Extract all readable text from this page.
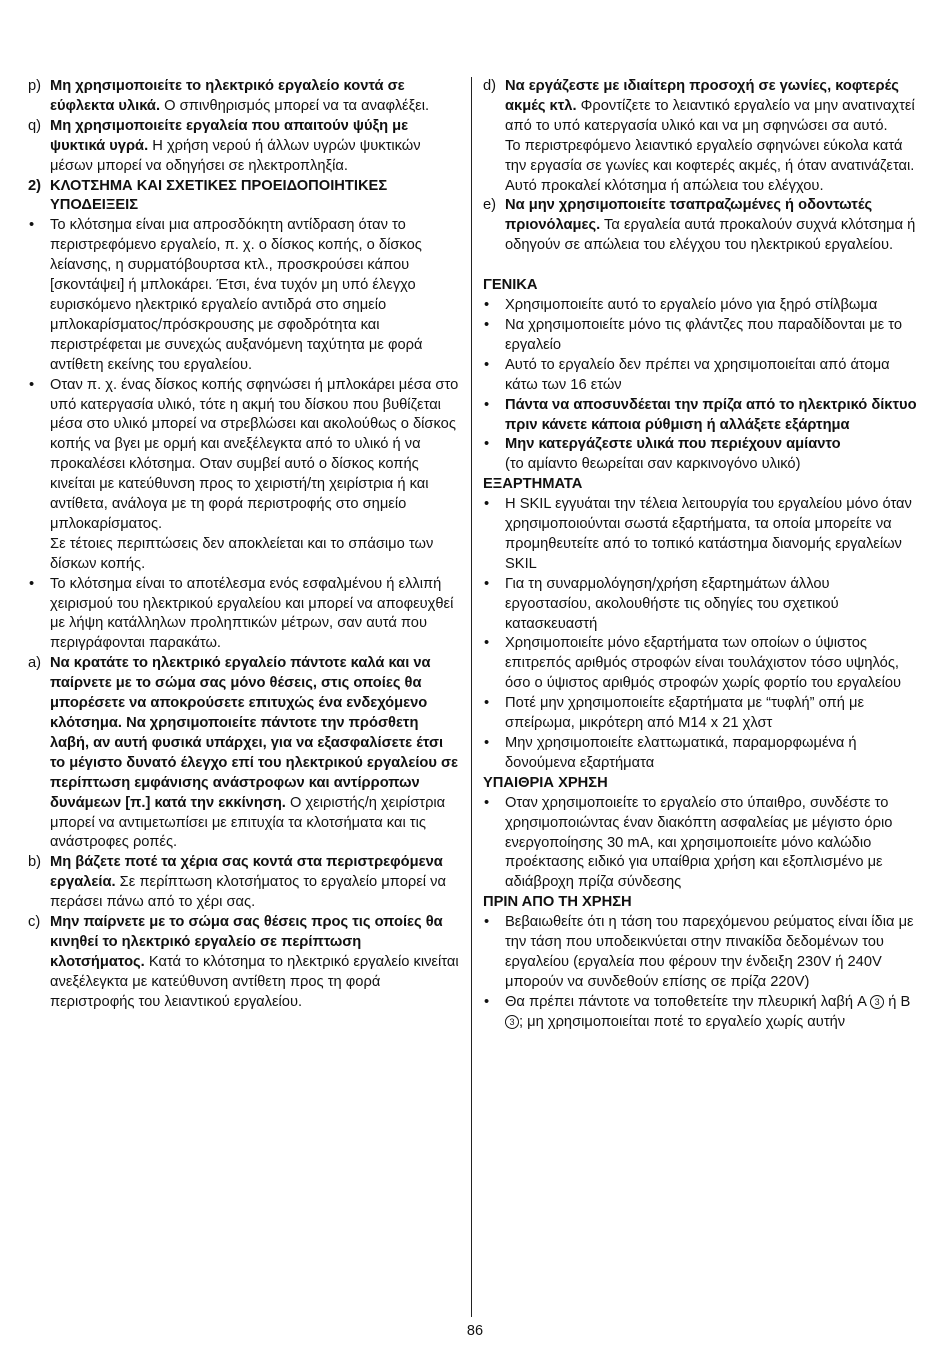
p) Μη χρησιμοποιείτε το ηλεκτρικό εργαλείο κοντά σε εύφλεκτα υλικά. Ο σπινθηρισμός μπορεί να τα αναφλέξει.
q) Μη χρησιμοποιείτε εργαλεία που απαιτούν ψύξη με ψυκτικά υγρά. Η χρήση νερού ή άλλων υγρών ψυκτικών μέσων μπορεί να οδηγήσει σε ηλεκτροπληξία.
2) ΚΛΟΤΣΗΜΑ ΚΑΙ ΣΧΕΤΙΚΕΣ ΠΡΟΕΙΔΟΠΟΙΗΤΙΚΕΣ ΥΠΟΔΕΙΞΕΙΣ
• Το κλότσημα είναι μια απροσδόκητη αντίδραση όταν το περιστρεφόμενο εργαλείο, π. χ. ο δίσκος κοπής, ο δίσκος λείανσης, η συρματόβουρτσα κτλ., προσκρούσει κάπου [σκοντάψει] ή μπλοκάρει. Έτσι, ένα τυχόν μη υπό έλεγχο ευρισκόμενο ηλεκτρικό εργαλείο αντιδρά στο σημείο μπλοκαρίσματος/πρόσκρουσης με σφοδρότητα και περιστρέφεται με συνεχώς αυξανόμενη ταχύτητα με φορά αντίθετη εκείνης του εργαλείου.
• Οταν π. χ. ένας δίσκος κοπής σφηνώσει ή μπλοκάρει μέσα στο υπό κατεργασία υλικό, τότε η ακμή του δίσκου που βυθίζεται μέσα στο υλικό μπορεί να στρεβλώσει και ακολούθως ο δίσκος κοπής να βγει με ορμή και ανεξέλεγκτα από το υλικό ή να προκαλέσει κλότσημα. Οταν συμβεί αυτό ο δίσκος κοπής κινείται με κατεύθυνση προς το χειριστή/τη χειρίστρια ή και αντίθετα, ανάλογα με τη φορά περιστροφής στο σημείο μπλοκαρίσματος.
Σε τέτοιες περιπτώσεις δεν αποκλείεται και το σπάσιμο των δίσκων κοπής.
• Το κλότσημα είναι το αποτέλεσμα ενός εσφαλμένου ή ελλιπή χειρισμού του ηλεκτρικού εργαλείου και μπορεί να αποφευχθεί με λήψη κατάλληλων προληπτικών μέτρων, σαν αυτά που περιγράφονται παρακάτω.
a) Να κρατάτε το ηλεκτρικό εργαλείο πάντοτε καλά και να παίρνετε με το σώμα σας μόνο θέσεις, στις οποίες θα μπορέσετε να αποκρούσετε επιτυχώς ένα ενδεχόμενο κλότσημα. Να χρησιμοποιείτε πάντοτε την πρόσθετη λαβή, αν αυτή φυσικά υπάρχει, για να εξασφαλίσετε έτσι το μέγιστο δυνατό έλεγχο επί του ηλεκτρικού εργαλείου σε περίπτωση εμφάνισης ανάστροφων και αντίρροπων δυνάμεων [π.] κατά την εκκίνηση. Ο χειριστής/η χειρίστρια μπορεί να αντιμετωπίσει με επιτυχία τα κλοτσήματα και τις ανάστροφες ροπές.
b) Μη βάζετε ποτέ τα χέρια σας κοντά στα περιστρεφόμενα εργαλεία. Σε περίπτωση κλοτσήματος το εργαλείο μπορεί να περάσει πάνω από το χέρι σας.
c) Μην παίρνετε με το σώμα σας θέσεις προς τις οποίες θα κινηθεί το ηλεκτρικό εργαλείο σε περίπτωση κλοτσήματος. Κατά το κλότσημα το ηλεκτρικό εργαλείο κινείται ανεξέλεγκτα με κατεύθυνση αντίθετη προς τη φορά περιστροφής του λειαντικού εργαλείου.
d) Να εργάζεστε με ιδιαίτερη προσοχή σε γωνίες, κοφτερές ακμές κτλ. Φροντίζετε το λειαντικό εργαλείο να μην ανατιναχτεί από το υπό κατεργασία υλικό και να μη σφηνώσει σα αυτό.
Το περιστρεφόμενο λειαντικό εργαλείο σφηνώνει εύκολα κατά την εργασία σε γωνίες και κοφτερές ακμές, ή όταν ανατινάζεται. Αυτό προκαλεί κλότσημα ή απώλεια του ελέγχου.
e) Να μην χρησιμοποιείτε τσαπραζωμένες ή οδοντωτές πριονόλαμες. Τα εργαλεία αυτά προκαλούν συχνά κλότσημα ή οδηγούν σε απώλεια του ελέγχου του ηλεκτρικού εργαλείου.
ΓΕΝΙΚΑ
• Χρησιμοποιείτε αυτό το εργαλείο μόνο για ξηρό στίλβωμα
• Να χρησιμοποιείτε μόνο τις φλάντζες που παραδίδονται με το εργαλείο
• Αυτό το εργαλείο δεν πρέπει να χρησιμοποιείται από άτομα κάτω των 16 ετών
• Πάντα να αποσυνδέεται την πρίζα από το ηλεκτρικό δίκτυο πριν κάνετε κάποια ρύθμιση ή αλλάξετε εξάρτημα
• Μην κατεργάζεστε υλικά που περιέχουν αμίαντο
(το αμίαντο θεωρείται σαν καρκινογόνο υλικό)
ΕΞΑΡΤΗΜΑΤΑ
• Η SKIL εγγυάται την τέλεια λειτουργία του εργαλείου μόνο όταν χρησιμοποιούνται σωστά εξαρτήματα, τα οποία μπορείτε να προμηθευτείτε από το τοπικό κατάστημα διανομής εργαλείων SKIL
• Για τη συναρμολόγηση/χρήση εξαρτημάτων άλλου εργοστασίου, ακολουθήστε τις οδηγίες του σχετικού κατασκευαστή
• Χρησιμοποιείτε μόνο εξαρτήματα των οποίων ο ύψιστος επιτρεπός αριθμός στροφών είναι τουλάχιστον τόσο υψηλός, όσο ο ύψιστος αριθμός στροφών χωρίς φορτίο του εργαλείου
• Ποτέ μην χρησιμοποιείτε εξαρτήματα με “τυφλή” οπή με σπείρωμα, μικρότερη από M14 x 21 χλστ
• Μην χρησιμοποιείτε ελαττωματικά, παραμορφωμένα ή δονούμενα εξαρτήματα
ΥΠΑΙΘΡΙΑ ΧΡΗΣΗ
• Οταν χρησιμοποιείτε το εργαλείο στο ύπαιθρο, συνδέστε το χρησιμοποιώντας έναν διακόπτη ασφαλείας με μέγιστο όριο ενεργοποίησης 30 mA, και χρησιμοποιείτε μόνο καλώδιο προέκτασης ειδικό για υπαίθρια χρήση και εξοπλισμένο με αδιάβροχη πρίζα σύνδεσης
ΠΡΙΝ ΑΠΟ ΤΗ ΧΡΗΣΗ
• Βεβαιωθείτε ότι η τάση του παρεχόμενου ρεύματος είναι ίδια με την τάση που υποδεικνύεται στην πινακίδα δεδομένων του εργαλείου (εργαλεία που φέρουν την ένδειξη 230V ή 240V μπορούν να συνδεθούν επίσης σε πρίζα 220V)
• Θα πρέπει πάντοτε να τοποθετείτε την πλευρική λαβή A 3 ή B 3 ; μη χρησιμοποιείται ποτέ το εργαλείο χωρίς αυτήν
86
